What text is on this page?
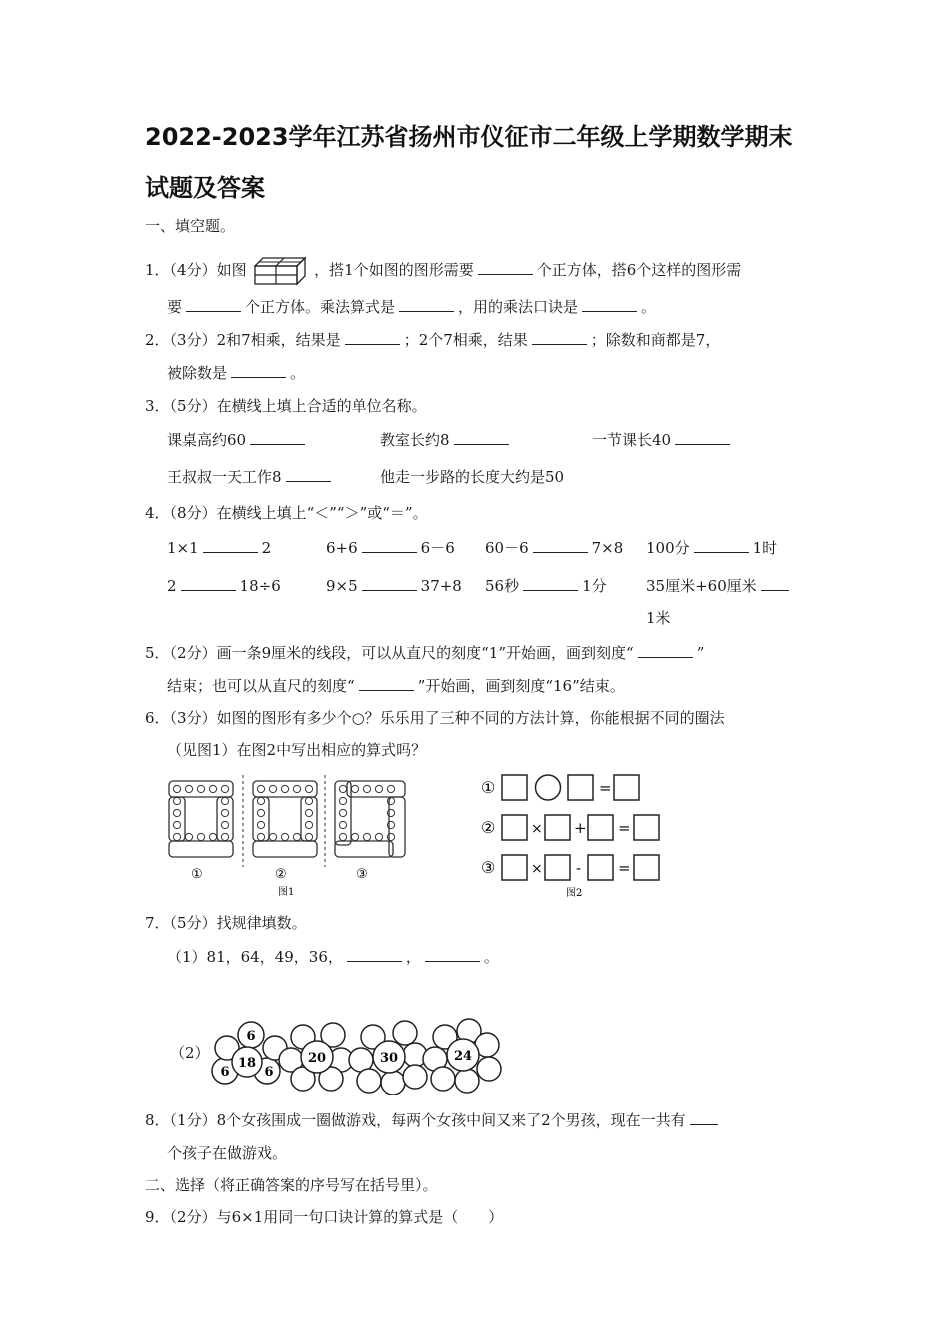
2022-2023学年江苏省扬州市仪征市二年级上学期数学期末
试题及答案
一、填空题。
1．（4分）如图	，搭1个如图的图形需要	个正方体，搭6个这样的图形需
要	个正方体。乘法算式是	，用的乘法口诀是	。
2．（3分）2和7相乘，结果是	；2个7相乘，结果	；除数和商都是7，
被除数是	。
3．（5分）在横线上填上合适的单位名称。
课桌高约60	教室长约8	一节课长40
王叔叔一天工作8	他走一步路的长度大约是50
4．（8分）在横线上填上“＜”“＞”或“＝”。
1×1	2	6+6	6－6 60－6	7×8 100分	1时
2	18÷6	9×5	37+8 56秒	1分	35厘米+60厘米
1米
5．（2分）画一条9厘米的线段，可以从直尺的刻度“1”开始画，画到刻度“	”
结束；也可以从直尺的刻度“	”开始画，画到刻度“16”结束。
6．（3分）如图的图形有多少个○？乐乐用了三种不同的方法计算，你能根据不同的圈法
（见图1）在图2中写出相应的算式吗？
①	②	③
图1
①	=
②	× + =
③	× - =
图2
7．（5分）找规律填数。
（1）81，64，49，36，	，	。
（2）
6
6	6
18	20	30	24
8．（1分）8个女孩围成一圈做游戏，每两个女孩中间又来了2个男孩，现在一共有
个孩子在做游戏。
二、选择（将正确答案的序号写在括号里）。
9．（2分）与6×1用同一句口诀计算的算式是（　　）
